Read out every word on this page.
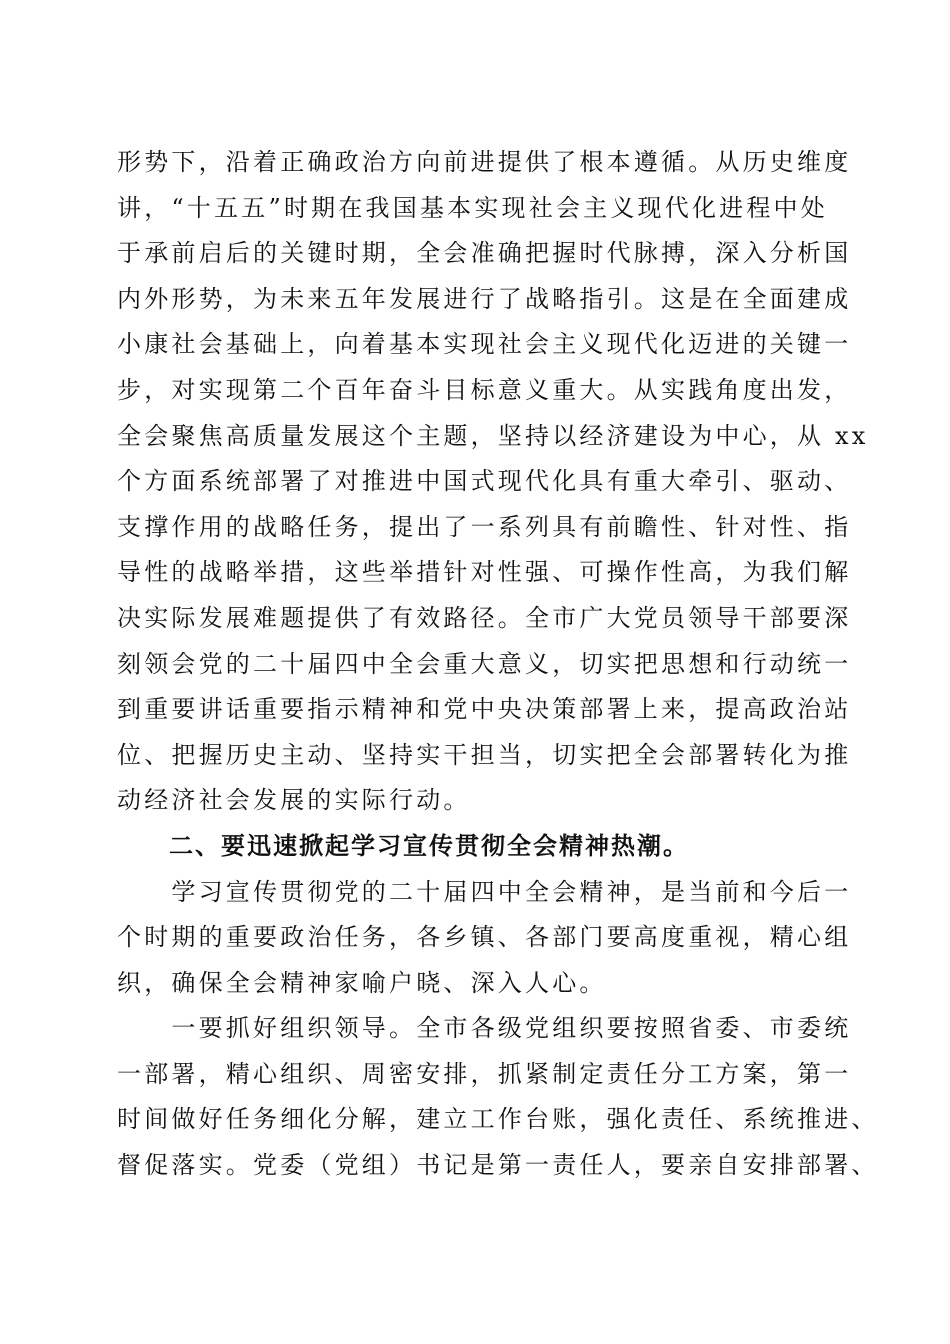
形势下，沿着正确政治方向前进提供了根本遵循。从历史维度
讲，“十五五”时期在我国基本实现社会主义现代化进程中处
于承前启后的关键时期，全会准确把握时代脉搏，深入分析国
内外形势，为未来五年发展进行了战略指引。这是在全面建成
小康社会基础上，向着基本实现社会主义现代化迈进的关键一
步，对实现第二个百年奋斗目标意义重大。从实践角度出发，
全会聚焦高质量发展这个主题，坚持以经济建设为中心，从 xx
个方面系统部署了对推进中国式现代化具有重大牵引、驱动、
支撑作用的战略任务，提出了一系列具有前瞻性、针对性、指
导性的战略举措，这些举措针对性强、可操作性高，为我们解
决实际发展难题提供了有效路径。全市广大党员领导干部要深
刻领会党的二十届四中全会重大意义，切实把思想和行动统一
到重要讲话重要指示精神和党中央决策部署上来，提高政治站
位、把握历史主动、坚持实干担当，切实把全会部署转化为推
动经济社会发展的实际行动。
　　二、要迅速掀起学习宣传贯彻全会精神热潮。
　　学习宣传贯彻党的二十届四中全会精神，是当前和今后一
个时期的重要政治任务，各乡镇、各部门要高度重视，精心组
织，确保全会精神家喻户晓、深入人心。
　　一要抓好组织领导。全市各级党组织要按照省委、市委统
一部署，精心组织、周密安排，抓紧制定责任分工方案，第一
时间做好任务细化分解，建立工作台账，强化责任、系统推进、
督促落实。党委（党组）书记是第一责任人，要亲自安排部署、
